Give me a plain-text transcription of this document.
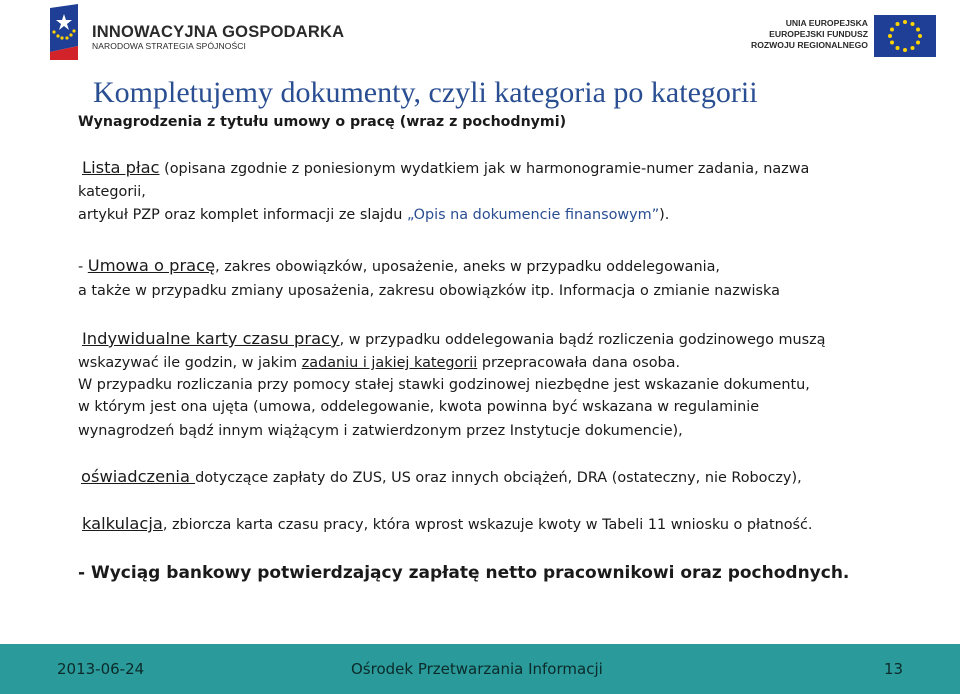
INNOWACYJNA GOSPODARKA
NARODOWA STRATEGIA SPÓJNOŚCI
UNIA EUROPEJSKA
EUROPEJSKI FUNDUSZ
ROZWOJU REGIONALNEGO
Kompletujemy dokumenty, czyli kategoria po kategorii
Wynagrodzenia z tytułu umowy o pracę (wraz z pochodnymi)
Lista płac (opisana zgodnie z poniesionym wydatkiem jak w harmonogramie-numer zadania, nazwa
kategorii,
artykuł PZP oraz komplet informacji ze slajdu „Opis na dokumencie finansowym”).
- Umowa o pracę, zakres obowiązków, uposażenie, aneks w przypadku oddelegowania,
a także w przypadku zmiany uposażenia, zakresu obowiązków itp. Informacja o zmianie nazwiska
Indywidualne karty czasu pracy, w przypadku oddelegowania bądź rozliczenia godzinowego muszą
wskazywać ile godzin, w jakim zadaniu i jakiej kategorii przepracowała dana osoba.
W przypadku rozliczania przy pomocy stałej stawki godzinowej niezbędne jest wskazanie dokumentu,
w którym jest ona ujęta (umowa, oddelegowanie, kwota powinna być wskazana w regulaminie
wynagrodzeń bądź innym wiążącym i zatwierdzonym przez Instytucje dokumencie),
oświadczenia dotyczące zapłaty do ZUS, US oraz innych obciążeń, DRA (ostateczny, nie Roboczy),
kalkulacja, zbiorcza karta czasu pracy, która wprost wskazuje kwoty w Tabeli 11 wniosku o płatność.
- Wyciąg bankowy potwierdzający zapłatę netto pracownikowi oraz pochodnych.
2013-06-24	Ośrodek Przetwarzania Informacji	13
